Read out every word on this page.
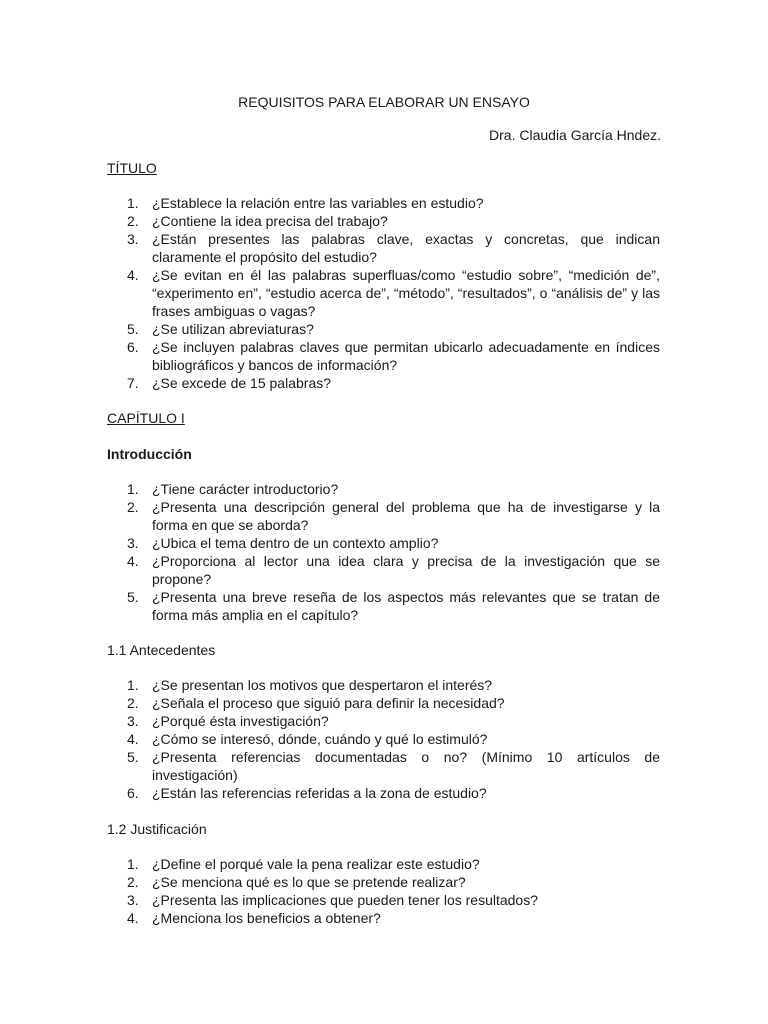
REQUISITOS PARA ELABORAR UN ENSAYO
Dra. Claudia García Hndez.
TÍTULO
1. ¿Establece la relación entre las variables en estudio?
2. ¿Contiene la idea precisa del trabajo?
3. ¿Están presentes las palabras clave, exactas y concretas, que indican claramente el propósito del estudio?
4. ¿Se evitan en él las palabras superfluas/como “estudio sobre”, “medición de”, “experimento en”, “estudio acerca de”, “método”, “resultados”, o “análisis de” y las frases ambiguas o vagas?
5. ¿Se utilizan abreviaturas?
6. ¿Se incluyen palabras claves que permitan ubicarlo adecuadamente en índices bibliográficos y bancos de información?
7. ¿Se excede de 15 palabras?
CAPÍTULO I
Introducción
1. ¿Tiene carácter introductorio?
2. ¿Presenta una descripción general del problema que ha de investigarse y la forma en que se aborda?
3. ¿Ubica el tema dentro de un contexto amplio?
4. ¿Proporciona al lector una idea clara y precisa de la investigación que se propone?
5. ¿Presenta una breve reseña de los aspectos más relevantes que se tratan de forma más amplia en el capítulo?
1.1 Antecedentes
1. ¿Se presentan los motivos que despertaron el interés?
2. ¿Señala el proceso que siguió para definir la necesidad?
3. ¿Porqué ésta investigación?
4. ¿Cómo se interesó, dónde, cuándo y qué lo estimuló?
5. ¿Presenta referencias documentadas o no? (Mínimo 10 artículos de investigación)
6. ¿Están las referencias referidas a la zona de estudio?
1.2 Justificación
1. ¿Define el porqué vale la pena realizar este estudio?
2. ¿Se menciona qué es lo que se pretende realizar?
3. ¿Presenta las implicaciones que pueden tener los resultados?
4. ¿Menciona los beneficios a obtener?
